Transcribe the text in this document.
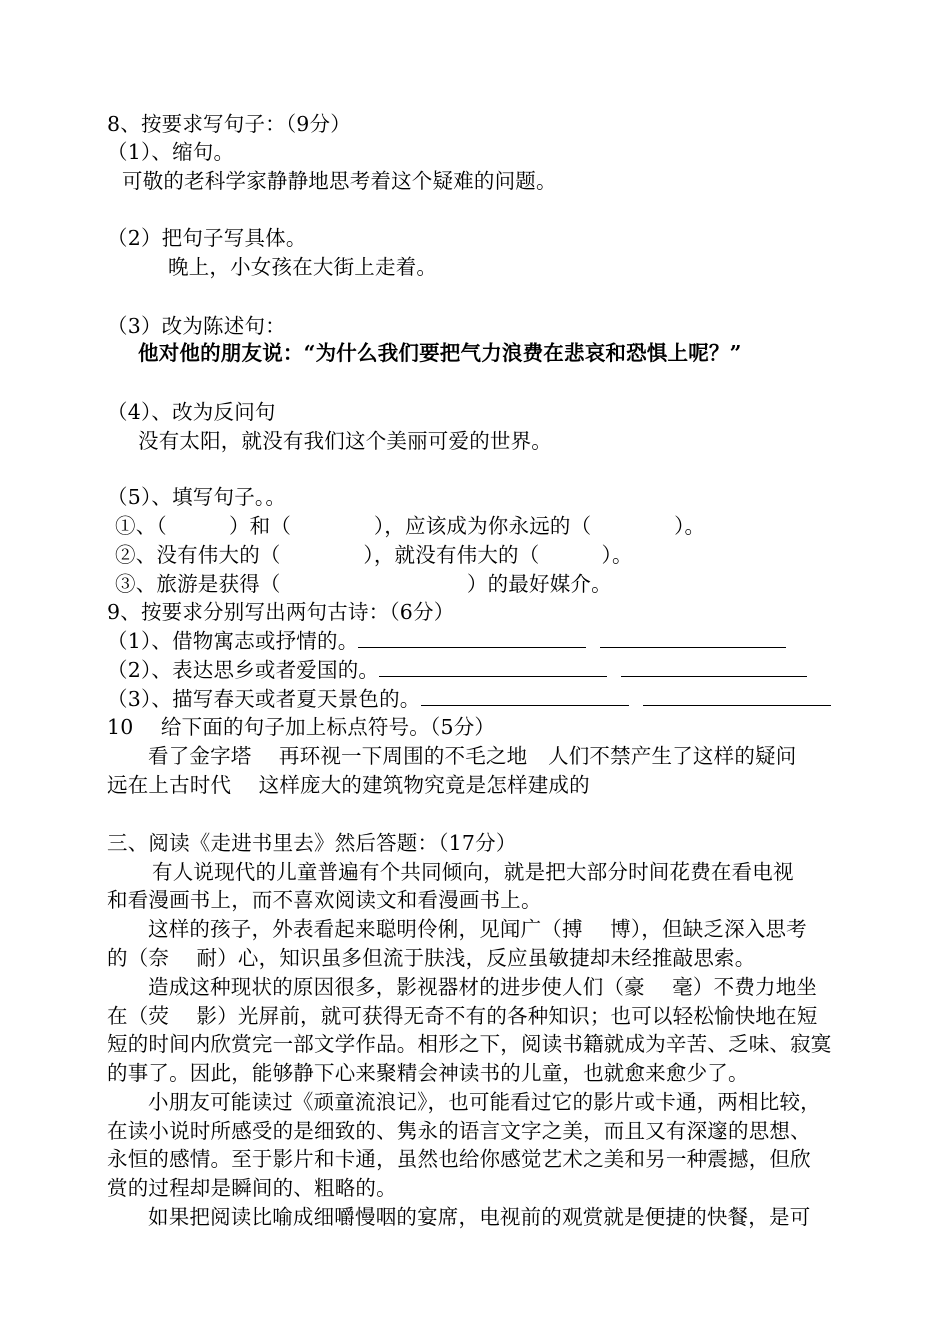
8、按要求写句子：（9分）
（1）、缩句。
可敬的老科学家静静地思考着这个疑难的问题。
（2）把句子写具体。
晚上，小女孩在大街上走着。
（3）改为陈述句：
他对他的朋友说：“为什么我们要把气力浪费在悲哀和恐惧上呢？”
（4）、改为反问句
没有太阳，就没有我们这个美丽可爱的世界。
（5）、填写句子。。
①、（　　　）和（　　　　），应该成为你永远的（　　　　）。
②、没有伟大的（　　　　），就没有伟大的（　　　）。
③、旅游是获得（　　　　　　　　　）的最好媒介。
9、按要求分别写出两句古诗：（6分）
（1）、借物寓志或抒情的。
（2）、表达思乡或者爱国的。
（3）、描写春天或者夏天景色的。
10　 给下面的句子加上标点符号。（5分）
看了金字塔　 再环视一下周围的不毛之地　人们不禁产生了这样的疑问
远在上古时代　 这样庞大的建筑物究竟是怎样建成的
三、阅读《走进书里去》然后答题：（17分）
有人说现代的儿童普遍有个共同倾向，就是把大部分时间花费在看电视
和看漫画书上，而不喜欢阅读文和看漫画书上。
这样的孩子，外表看起来聪明伶俐，见闻广（搏　 博），但缺乏深入思考
的（奈　 耐）心，知识虽多但流于肤浅，反应虽敏捷却未经推敲思索。
造成这种现状的原因很多，影视器材的进步使人们（豪　 毫）不费力地坐
在（荧　 影）光屏前，就可获得无奇不有的各种知识；也可以轻松愉快地在短
短的时间内欣赏完一部文学作品。相形之下，阅读书籍就成为辛苦、乏味、寂寞
的事了。因此，能够静下心来聚精会神读书的儿童，也就愈来愈少了。
小朋友可能读过《顽童流浪记》，也可能看过它的影片或卡通，两相比较，
在读小说时所感受的是细致的、隽永的语言文字之美，而且又有深邃的思想、
永恒的感情。至于影片和卡通，虽然也给你感觉艺术之美和另一种震撼，但欣
赏的过程却是瞬间的、粗略的。
如果把阅读比喻成细嚼慢咽的宴席，电视前的观赏就是便捷的快餐，是可
